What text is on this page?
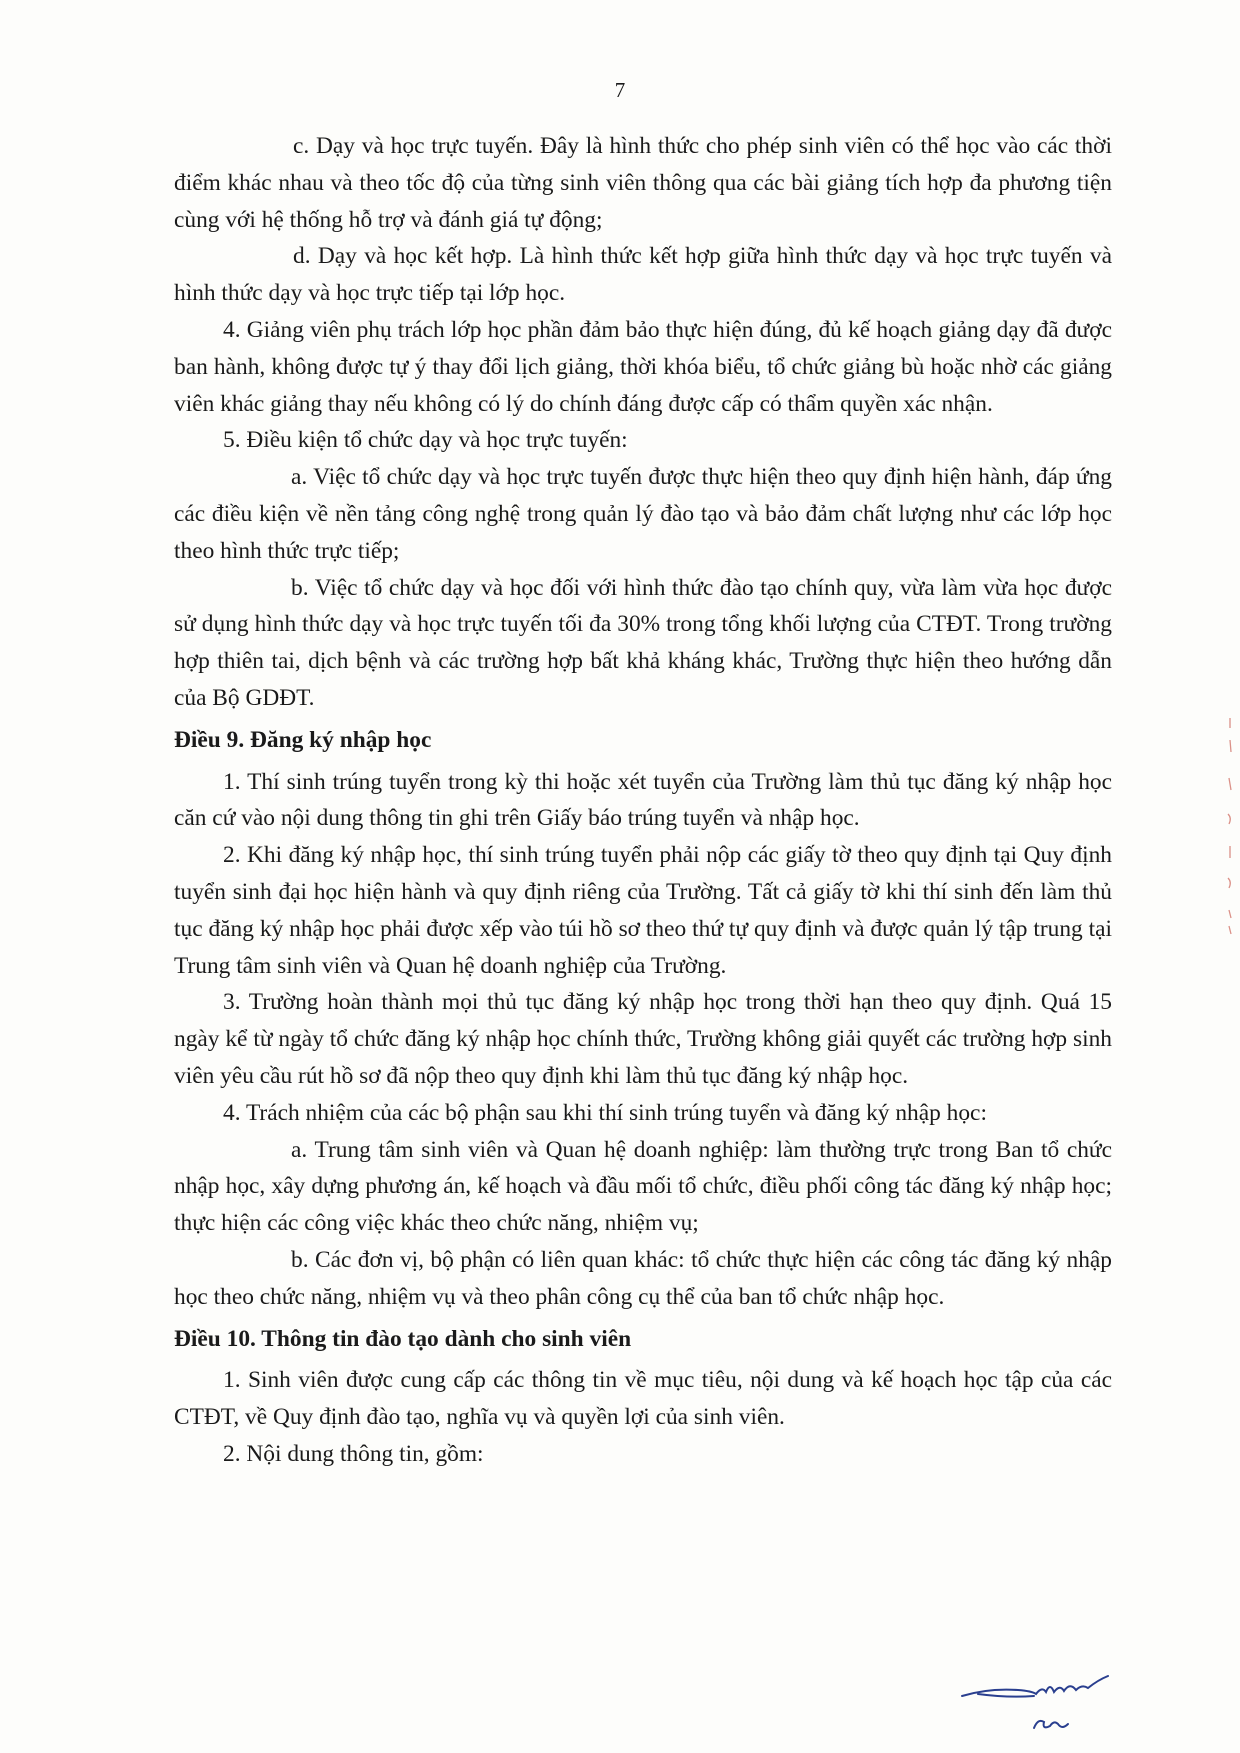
7

c. Dạy và học trực tuyến. Đây là hình thức cho phép sinh viên có thể học vào các thời điểm khác nhau và theo tốc độ của từng sinh viên thông qua các bài giảng tích hợp đa phương tiện cùng với hệ thống hỗ trợ và đánh giá tự động;

d. Dạy và học kết hợp. Là hình thức kết hợp giữa hình thức dạy và học trực tuyến và hình thức dạy và học trực tiếp tại lớp học.

4. Giảng viên phụ trách lớp học phần đảm bảo thực hiện đúng, đủ kế hoạch giảng dạy đã được ban hành, không được tự ý thay đổi lịch giảng, thời khóa biểu, tổ chức giảng bù hoặc nhờ các giảng viên khác giảng thay nếu không có lý do chính đáng được cấp có thẩm quyền xác nhận.

5. Điều kiện tổ chức dạy và học trực tuyến:

a. Việc tổ chức dạy và học trực tuyến được thực hiện theo quy định hiện hành, đáp ứng các điều kiện về nền tảng công nghệ trong quản lý đào tạo và bảo đảm chất lượng như các lớp học theo hình thức trực tiếp;

b. Việc tổ chức dạy và học đối với hình thức đào tạo chính quy, vừa làm vừa học được sử dụng hình thức dạy và học trực tuyến tối đa 30% trong tổng khối lượng của CTĐT. Trong trường hợp thiên tai, dịch bệnh và các trường hợp bất khả kháng khác, Trường thực hiện theo hướng dẫn của Bộ GDĐT.

Điều 9. Đăng ký nhập học

1. Thí sinh trúng tuyển trong kỳ thi hoặc xét tuyển của Trường làm thủ tục đăng ký nhập học căn cứ vào nội dung thông tin ghi trên Giấy báo trúng tuyển và nhập học.

2. Khi đăng ký nhập học, thí sinh trúng tuyển phải nộp các giấy tờ theo quy định tại Quy định tuyển sinh đại học hiện hành và quy định riêng của Trường. Tất cả giấy tờ khi thí sinh đến làm thủ tục đăng ký nhập học phải được xếp vào túi hồ sơ theo thứ tự quy định và được quản lý tập trung tại Trung tâm sinh viên và Quan hệ doanh nghiệp của Trường.

3. Trường hoàn thành mọi thủ tục đăng ký nhập học trong thời hạn theo quy định. Quá 15 ngày kể từ ngày tổ chức đăng ký nhập học chính thức, Trường không giải quyết các trường hợp sinh viên yêu cầu rút hồ sơ đã nộp theo quy định khi làm thủ tục đăng ký nhập học.

4. Trách nhiệm của các bộ phận sau khi thí sinh trúng tuyển và đăng ký nhập học:

a. Trung tâm sinh viên và Quan hệ doanh nghiệp: làm thường trực trong Ban tổ chức nhập học, xây dựng phương án, kế hoạch và đầu mối tổ chức, điều phối công tác đăng ký nhập học; thực hiện các công việc khác theo chức năng, nhiệm vụ;

b. Các đơn vị, bộ phận có liên quan khác: tổ chức thực hiện các công tác đăng ký nhập học theo chức năng, nhiệm vụ và theo phân công cụ thể của ban tổ chức nhập học.

Điều 10. Thông tin đào tạo dành cho sinh viên

1. Sinh viên được cung cấp các thông tin về mục tiêu, nội dung và kế hoạch học tập của các CTĐT, về Quy định đào tạo, nghĩa vụ và quyền lợi của sinh viên.

2. Nội dung thông tin, gồm:
